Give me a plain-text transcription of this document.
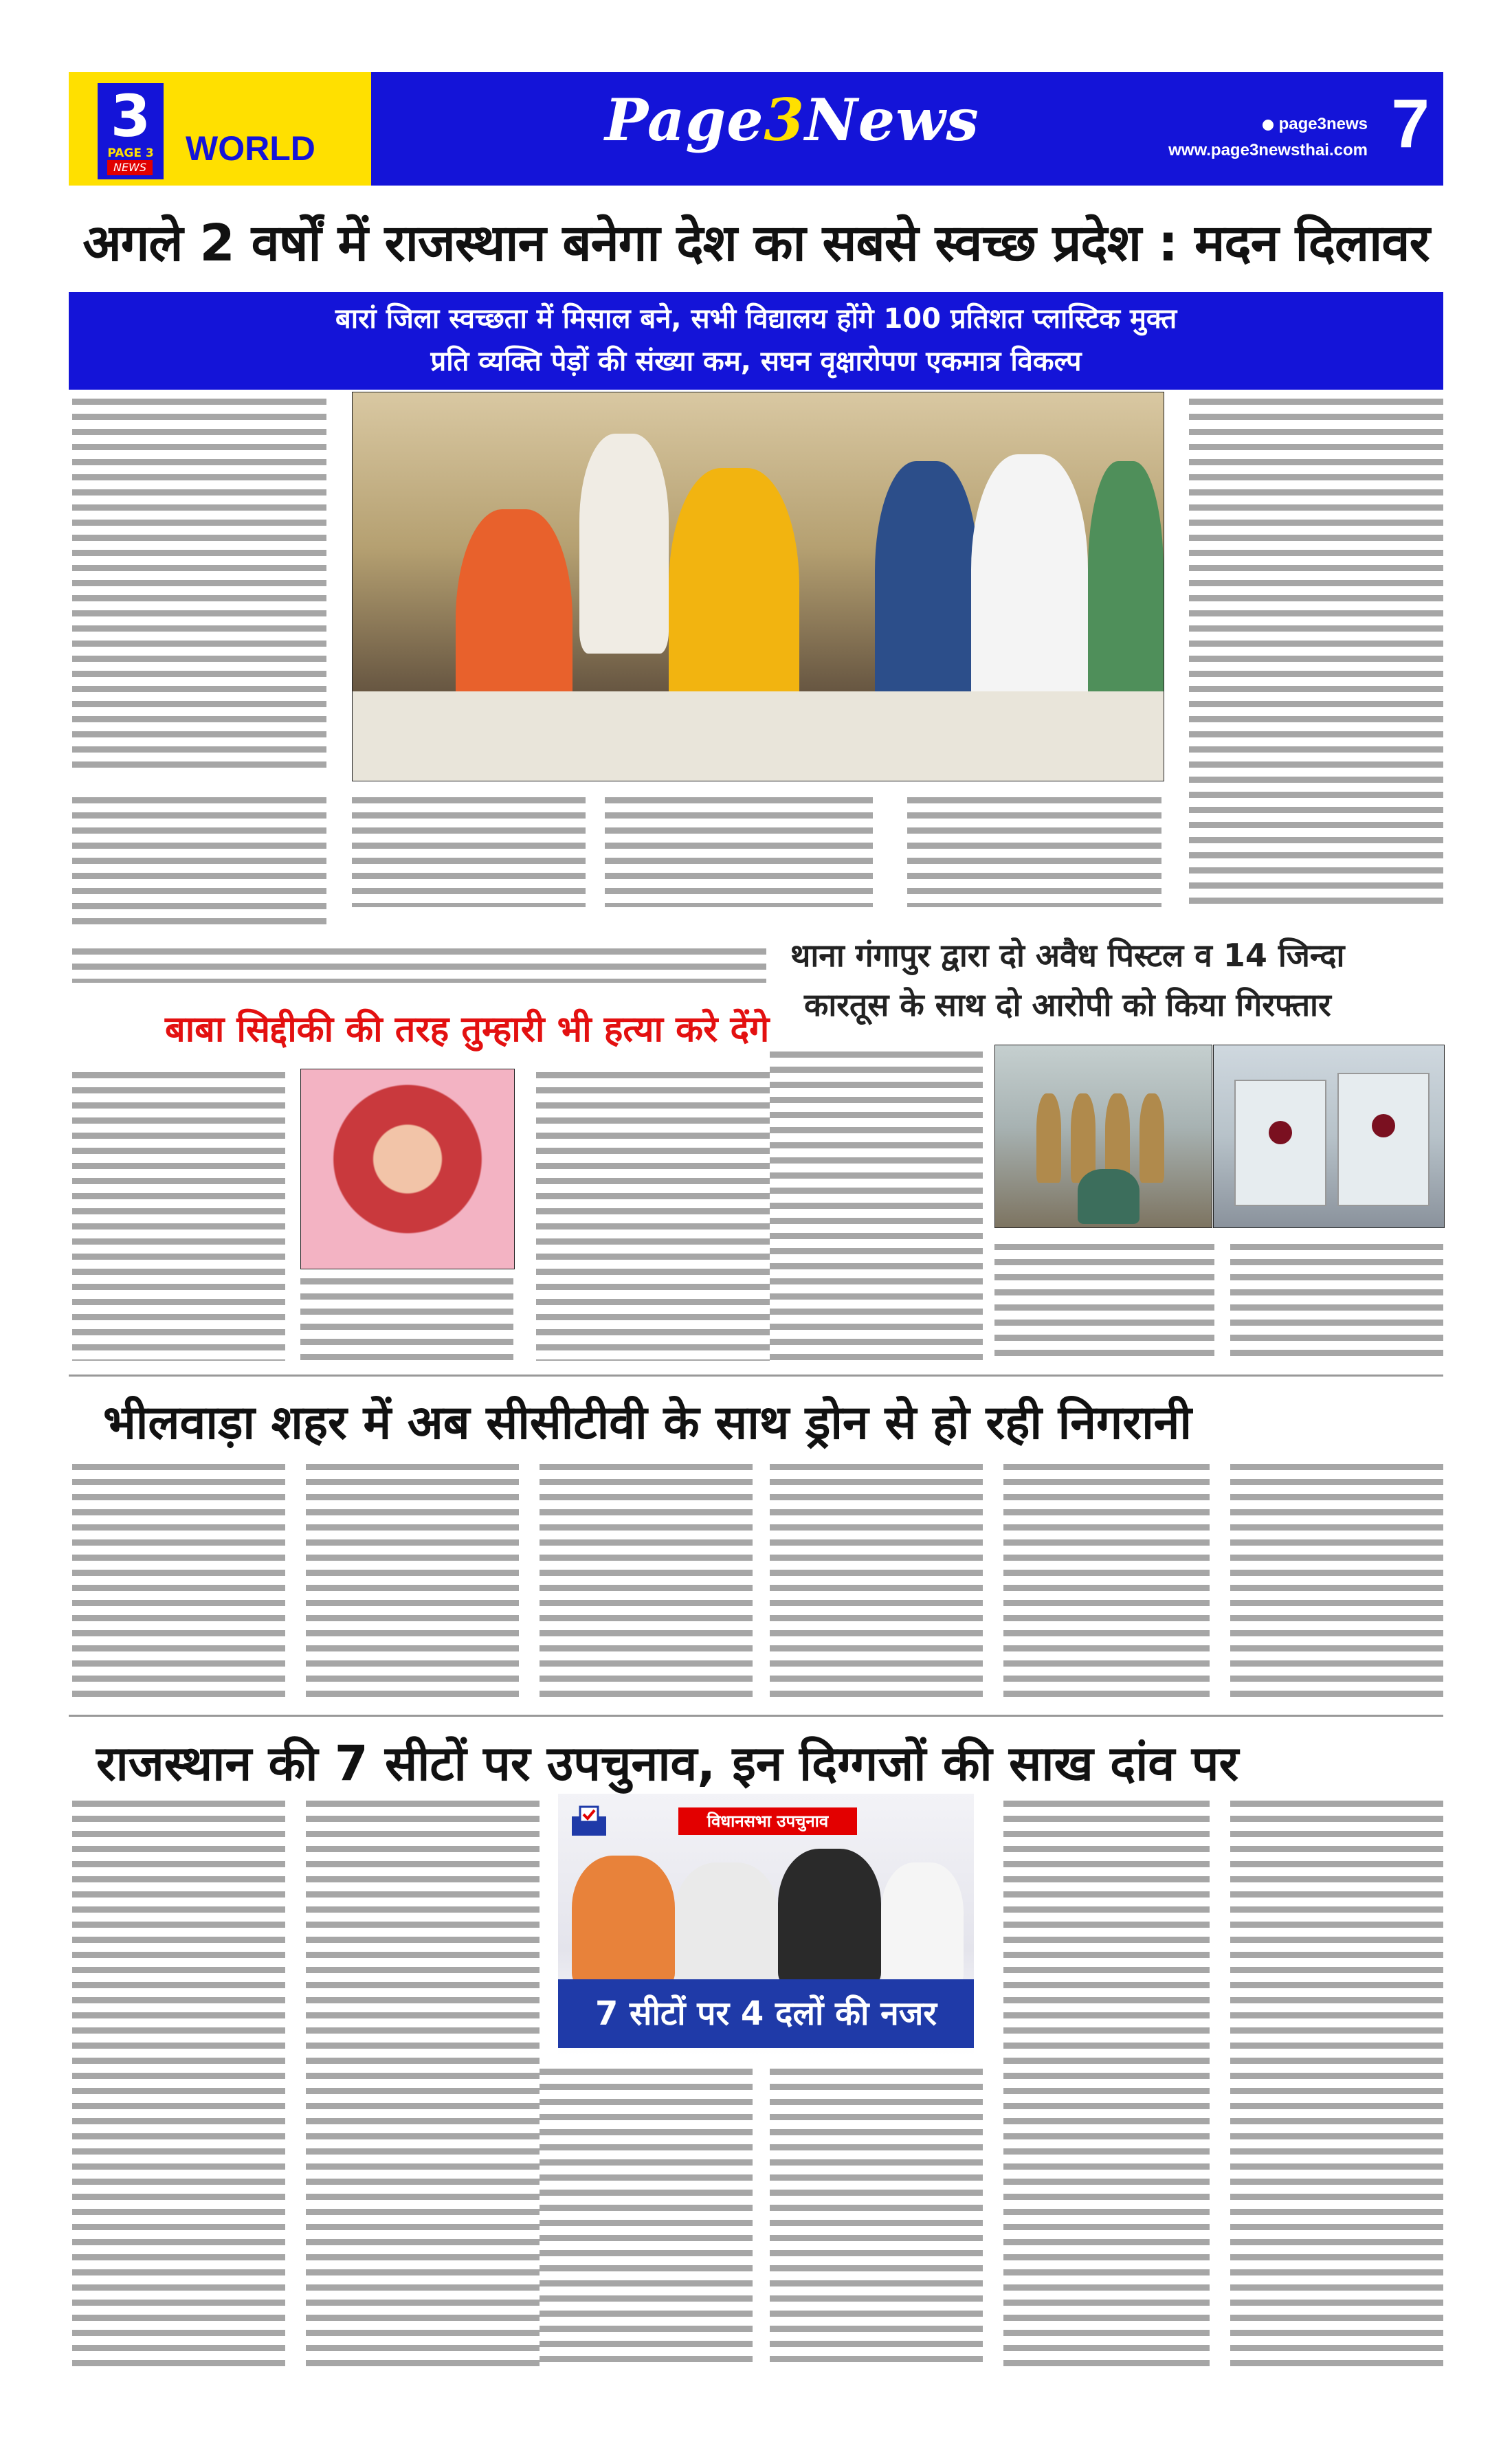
3
PAGE 3
NEWS WORLD	Page3News	page3news
www.page3newsthai.com 7
अगले 2 वर्षों में राजस्थान बनेगा देश का सबसे स्वच्छ प्रदेश : मदन दिलावर
बारां जिला स्वच्छता में मिसाल बने, सभी विद्यालय होंगे 100 प्रतिशत प्लास्टिक मुक्त
प्रति व्यक्ति पेड़ों की संख्या कम, सघन वृक्षारोपण एकमात्र विकल्प
बाबा सिद्दीकी की तरह तुम्हारी भी हत्या करे देंगे
थाना गंगापुर द्वारा दो अवैध पिस्टल व 14 जिन्दा
कारतूस के साथ दो आरोपी को किया गिरफ्तार
भीलवाड़ा शहर में अब सीसीटीवी के साथ ड्रोन से हो रही निगरानी
राजस्थान की 7 सीटों पर उपचुनाव, इन दिग्गजों की साख दांव पर
विधानसभा उपचुनाव
7 सीटों पर 4 दलों की नजर
